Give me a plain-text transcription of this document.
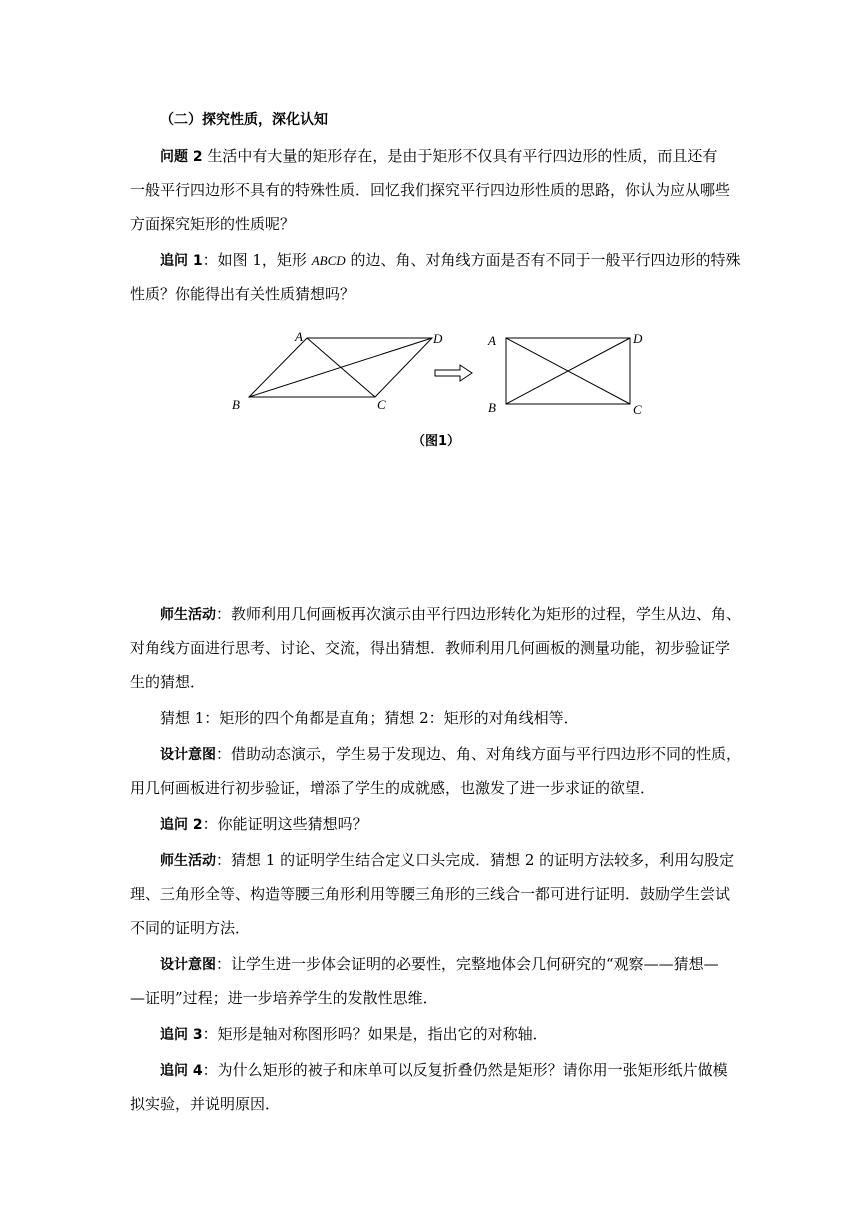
（二）探究性质，深化认知
问题 2 生活中有大量的矩形存在，是由于矩形不仅具有平行四边形的性质，而且还有
一般平行四边形不具有的特殊性质．回忆我们探究平行四边形性质的思路，你认为应从哪些
方面探究矩形的性质呢？
追问 1：如图 1，矩形 ABCD 的边、角、对角线方面是否有不同于一般平行四边形的特殊
性质？你能得出有关性质猜想吗？
A
B	C
D	A
B	C
D
（图1）
师生活动：教师利用几何画板再次演示由平行四边形转化为矩形的过程，学生从边、角、
对角线方面进行思考、讨论、交流，得出猜想．教师利用几何画板的测量功能，初步验证学
生的猜想．
猜想 1：矩形的四个角都是直角；猜想 2：矩形的对角线相等．
设计意图：借助动态演示，学生易于发现边、角、对角线方面与平行四边形不同的性质，
用几何画板进行初步验证，增添了学生的成就感，也激发了进一步求证的欲望．
追问 2：你能证明这些猜想吗？
师生活动：猜想 1 的证明学生结合定义口头完成．猜想 2 的证明方法较多，利用勾股定
理、三角形全等、构造等腰三角形利用等腰三角形的三线合一都可进行证明．鼓励学生尝试
不同的证明方法．
设计意图：让学生进一步体会证明的必要性，完整地体会几何研究的“观察——猜想—
—证明”过程；进一步培养学生的发散性思维．
追问 3：矩形是轴对称图形吗？如果是，指出它的对称轴．
追问 4：为什么矩形的被子和床单可以反复折叠仍然是矩形？请你用一张矩形纸片做模
拟实验，并说明原因．
